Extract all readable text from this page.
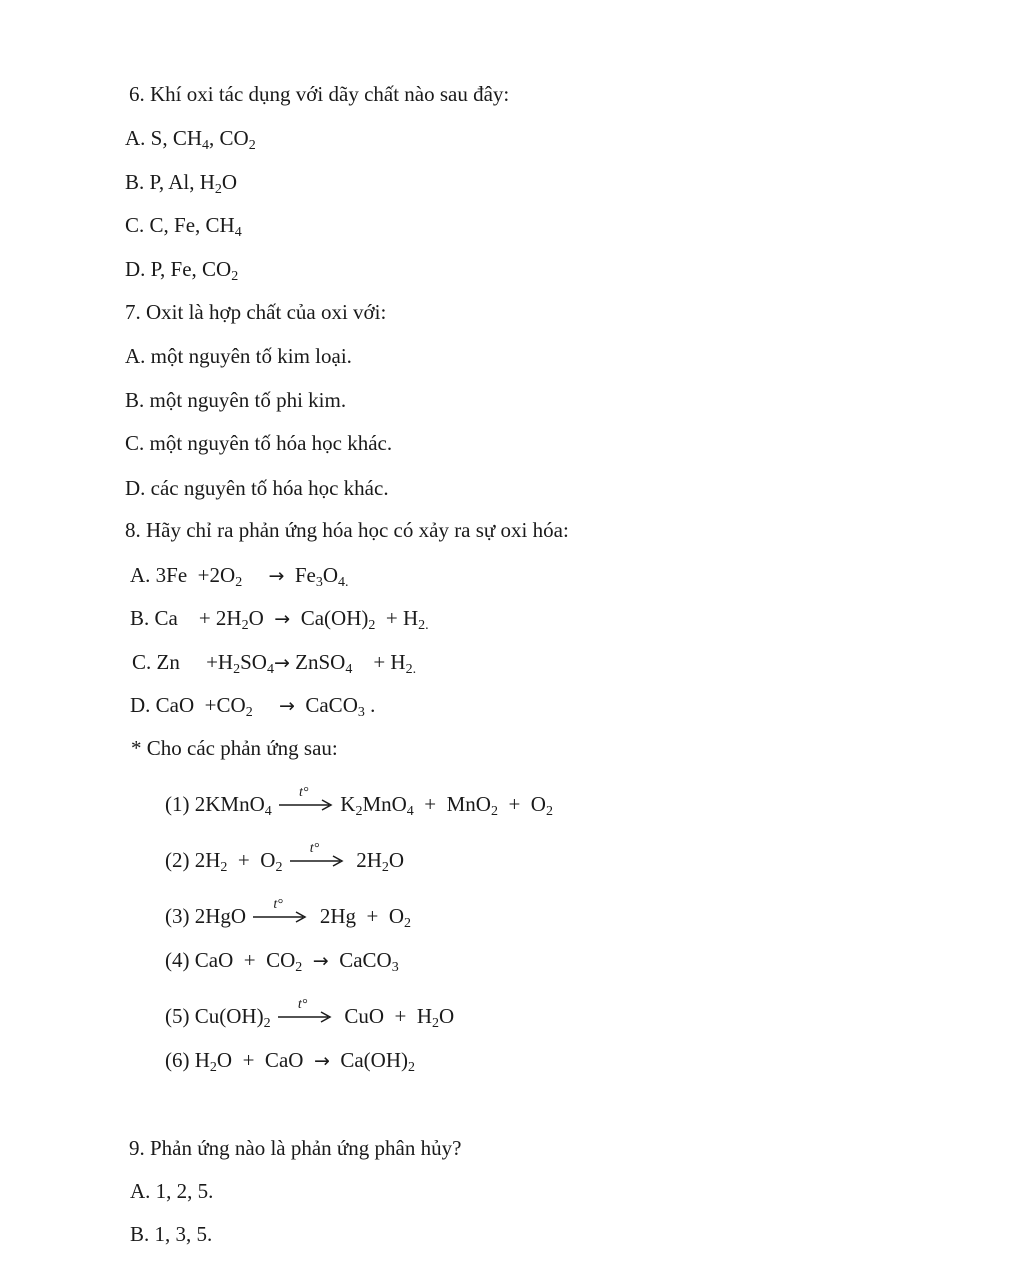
6. Khí oxi tác dụng với dãy chất nào sau đây:
A. S, $CH_4$, $CO_2$
B. P, Al, $H_2O$
C. C, Fe, $CH_4$
D. P, Fe, $CO_2$
7. Oxit là hợp chất của oxi với:
A. một nguyên tố kim loại.
B. một nguyên tố phi kim.
C. một nguyên tố hóa học khác.
D. các nguyên tố hóa học khác.
8. Hãy chỉ ra phản ứng hóa học có xảy ra sự oxi hóa:
A. $3Fe +2O_2 \to Fe_3O_{4.}$
B. Ca    + $2H_2O \to Ca(OH)_2 + H_{2.}$
C. Zn     $+H_2SO_4\to$ ZnSO$_4$    + $H_{2.}$
D. CaO  $+CO_2$ → CaCO$_3$ .
* Cho các phản ứng sau:
(1) 2KMnO$_4$
t° $K_2MnO_4 + MnO_2 + O_2$
(2) $2H_2 + O_2$
t° $2H_2O$
(3) 2HgO t° $2Hg + O_2$
(4) CaO  +  $CO_2$ → CaCO$_3$
(5) $Cu(OH)_2$
t° CuO  +  $H_2O$
(6) $H_2O$  +  CaO → $Ca(OH)_2$
9. Phản ứng nào là phản ứng phân hủy?
A. 1, 2, 5.
B. 1, 3, 5.
